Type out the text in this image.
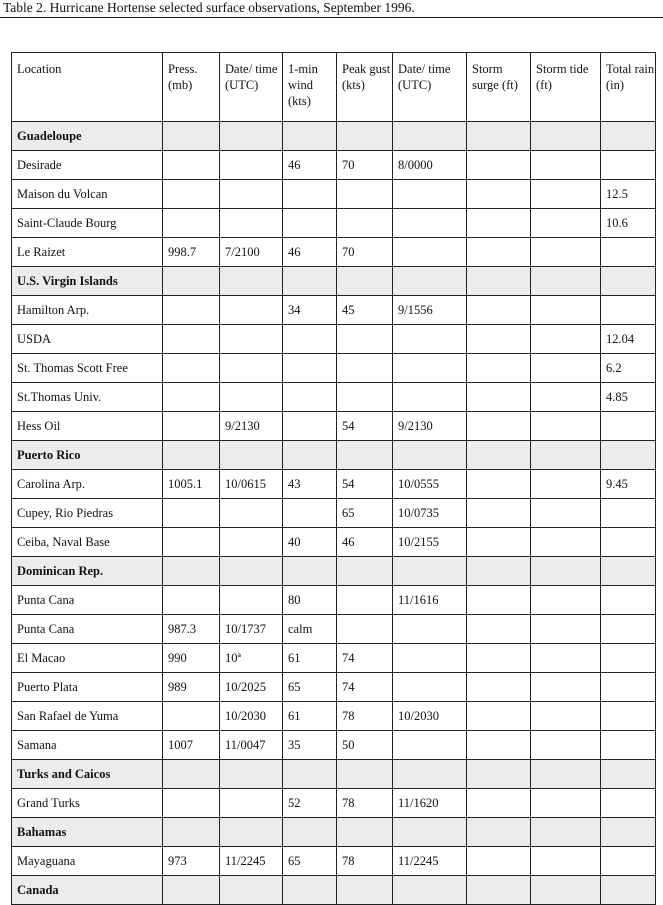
Table 2. Hurricane Hortense selected surface observations, September 1996.
Location	Press. (mb)	Date/ time (UTC)	1-min wind (kts)	Peak gust (kts)	Date/ time (UTC)	Storm surge (ft)	Storm tide (ft)	Total rain (in)
Guadeloupe								
Desirade			46	70	8/0000			
Maison du Volcan								12.5
Saint-Claude Bourg								10.6
Le Raizet	998.7	7/2100	46	70				
U.S. Virgin Islands								
Hamilton Arp.			34	45	9/1556			
USDA								12.04
St. Thomas Scott Free								6.2
St.Thomas Univ.								4.85
Hess Oil		9/2130		54	9/2130			
Puerto Rico								
Carolina Arp.	1005.1	10/0615	43	54	10/0555			9.45
Cupey, Rio Piedras				65	10/0735			
Ceiba, Naval Base			40	46	10/2155			
Dominican Rep.								
Punta Cana			80		11/1616			
Punta Cana	987.3	10/1737	calm					
El Macao	990	10ª	61	74				
Puerto Plata	989	10/2025	65	74				
San Rafael de Yuma		10/2030	61	78	10/2030			
Samana	1007	11/0047	35	50				
Turks and Caicos								
Grand Turks			52	78	11/1620			
Bahamas								
Mayaguana	973	11/2245	65	78	11/2245			
Canada								
